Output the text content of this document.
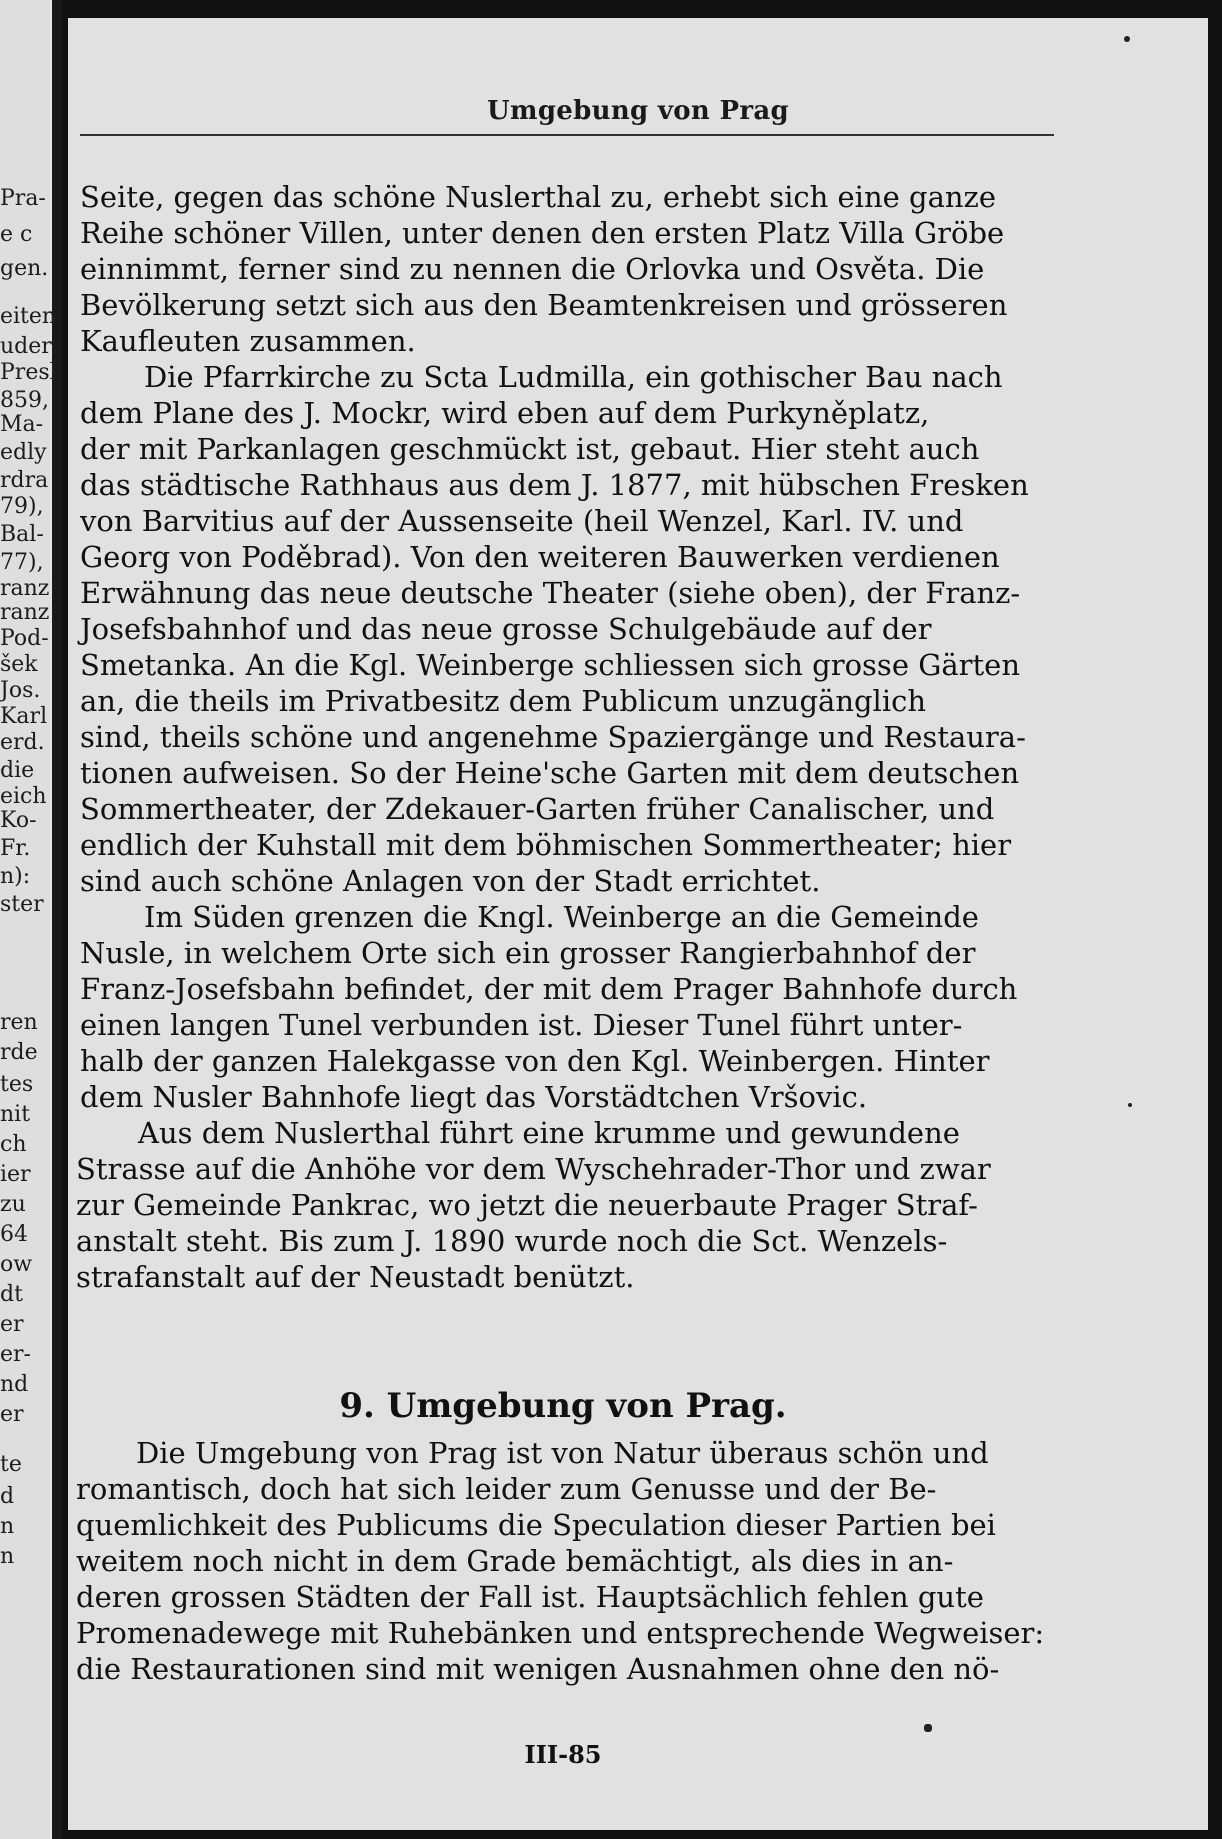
Pra-
e c
gen.
eiten
uder
Presl
859,
Ma-
edly
rdra
79),
Bal-
77),
ranz
ranz
Pod-
šek
Jos.
Karl
erd.
die
eich
Ko-
Fr.
n):
ster
ren
rde
tes
nit
ch
ier
zu
64
ow
dt
er
er-
nd
er
te
d
n
n
Umgebung von Prag
Seite, gegen das schöne Nuslerthal zu, erhebt sich eine ganze
Reihe schöner Villen, unter denen den ersten Platz Villa Gröbe
einnimmt, ferner sind zu nennen die Orlovka und Osvěta. Die
Bevölkerung setzt sich aus den Beamtenkreisen und grösseren
Kaufleuten zusammen.
Die Pfarrkirche zu Scta Ludmilla, ein gothischer Bau nach
dem Plane des J. Mockr, wird eben auf dem Purkyněplatz,
der mit Parkanlagen geschmückt ist, gebaut. Hier steht auch
das städtische Rathhaus aus dem J. 1877, mit hübschen Fresken
von Barvitius auf der Aussenseite (heil Wenzel, Karl. IV. und
Georg von Poděbrad). Von den weiteren Bauwerken verdienen
Erwähnung das neue deutsche Theater (siehe oben), der Franz-
Josefsbahnhof und das neue grosse Schulgebäude auf der
Smetanka. An die Kgl. Weinberge schliessen sich grosse Gärten
an, die theils im Privatbesitz dem Publicum unzugänglich
sind, theils schöne und angenehme Spaziergänge und Restaura-
tionen aufweisen. So der Heine'sche Garten mit dem deutschen
Sommertheater, der Zdekauer-Garten früher Canalischer, und
endlich der Kuhstall mit dem böhmischen Sommertheater; hier
sind auch schöne Anlagen von der Stadt errichtet.
Im Süden grenzen die Kngl. Weinberge an die Gemeinde
Nusle, in welchem Orte sich ein grosser Rangierbahnhof der
Franz-Josefsbahn befindet, der mit dem Prager Bahnhofe durch
einen langen Tunel verbunden ist. Dieser Tunel führt unter-
halb der ganzen Halekgasse von den Kgl. Weinbergen. Hinter
dem Nusler Bahnhofe liegt das Vorstädtchen Vršovic.
Aus dem Nuslerthal führt eine krumme und gewundene
Strasse auf die Anhöhe vor dem Wyschehrader-Thor und zwar
zur Gemeinde Pankrac, wo jetzt die neuerbaute Prager Straf-
anstalt steht. Bis zum J. 1890 wurde noch die Sct. Wenzels-
strafanstalt auf der Neustadt benützt.
Die Umgebung von Prag ist von Natur überaus schön und
romantisch, doch hat sich leider zum Genusse und der Be-
quemlichkeit des Publicums die Speculation dieser Partien bei
weitem noch nicht in dem Grade bemächtigt, als dies in an-
deren grossen Städten der Fall ist. Hauptsächlich fehlen gute
Promenadewege mit Ruhebänken und entsprechende Wegweiser:
die Restaurationen sind mit wenigen Ausnahmen ohne den nö-
9. Umgebung von Prag.
III-85
